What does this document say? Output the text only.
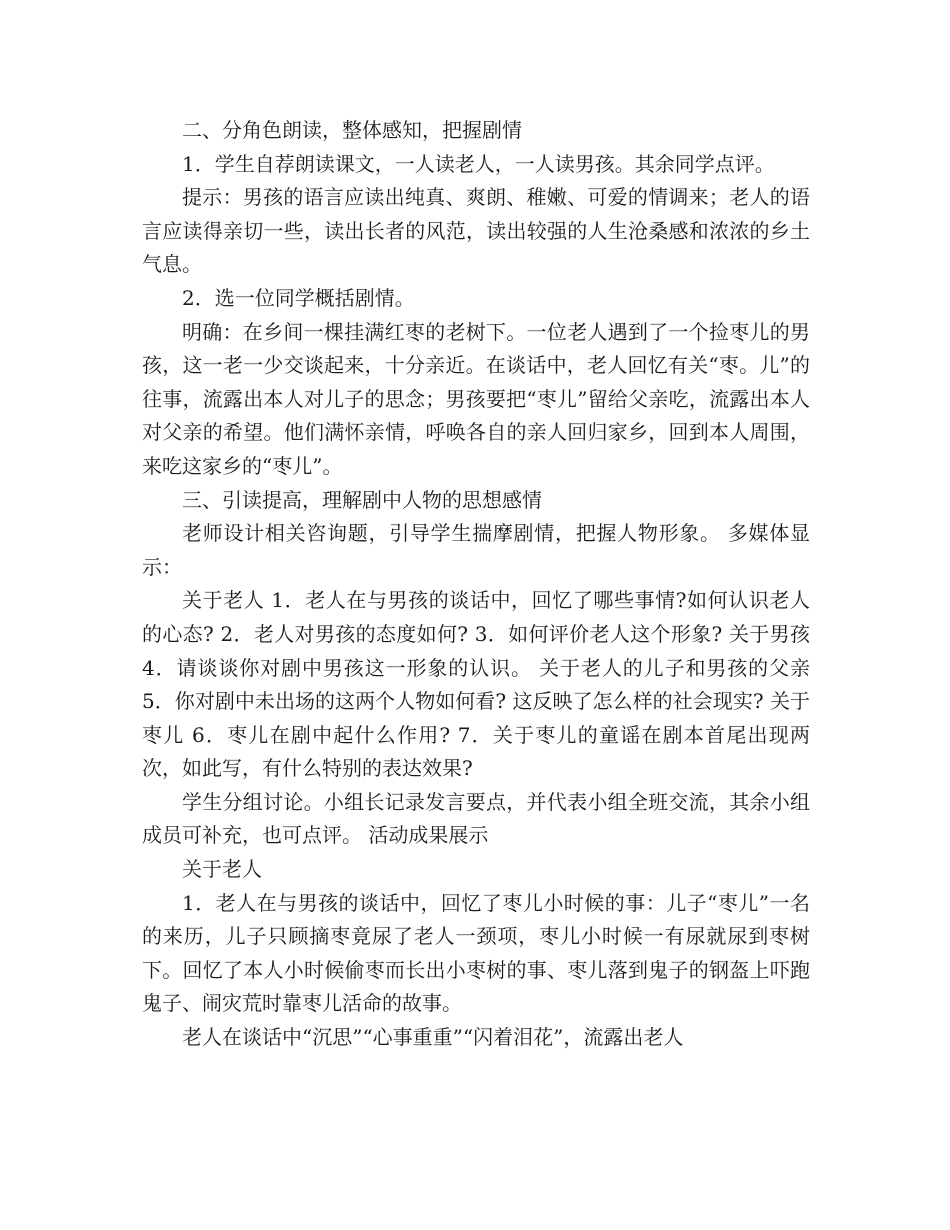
二、分角色朗读，整体感知，把握剧情

1．学生自荐朗读课文，一人读老人，一人读男孩。其余同学点评。

提示：男孩的语言应读出纯真、爽朗、稚嫩、可爱的情调来；老人的语言应读得亲切一些，读出长者的风范，读出较强的人生沧桑感和浓浓的乡土气息。

2．选一位同学概括剧情。

明确：在乡间一棵挂满红枣的老树下。一位老人遇到了一个捡枣儿的男孩，这一老一少交谈起来，十分亲近。在谈话中，老人回忆有关“枣。儿”的往事，流露出本人对儿子的思念；男孩要把“枣儿”留给父亲吃，流露出本人对父亲的希望。他们满怀亲情，呼唤各自的亲人回归家乡，回到本人周围，来吃这家乡的“枣儿”。

三、引读提高，理解剧中人物的思想感情

老师设计相关咨询题，引导学生揣摩剧情，把握人物形象。 多媒体显示：

关于老人 1．老人在与男孩的谈话中，回忆了哪些事情?如何认识老人的心态? 2．老人对男孩的态度如何? 3．如何评价老人这个形象? 关于男孩 4．请谈谈你对剧中男孩这一形象的认识。 关于老人的儿子和男孩的父亲 5．你对剧中未出场的这两个人物如何看? 这反映了怎么样的社会现实? 关于枣儿 6．枣儿在剧中起什么作用? 7．关于枣儿的童谣在剧本首尾出现两次，如此写，有什么特别的表达效果?

学生分组讨论。小组长记录发言要点，并代表小组全班交流，其余小组成员可补充，也可点评。 活动成果展示

关于老人

1．老人在与男孩的谈话中，回忆了枣儿小时候的事：儿子“枣儿”一名的来历，儿子只顾摘枣竟尿了老人一颈项，枣儿小时候一有尿就尿到枣树下。回忆了本人小时候偷枣而长出小枣树的事、枣儿落到鬼子的钢盔上吓跑鬼子、闹灾荒时靠枣儿活命的故事。

老人在谈话中“沉思”“心事重重”“闪着泪花”，流露出老人
